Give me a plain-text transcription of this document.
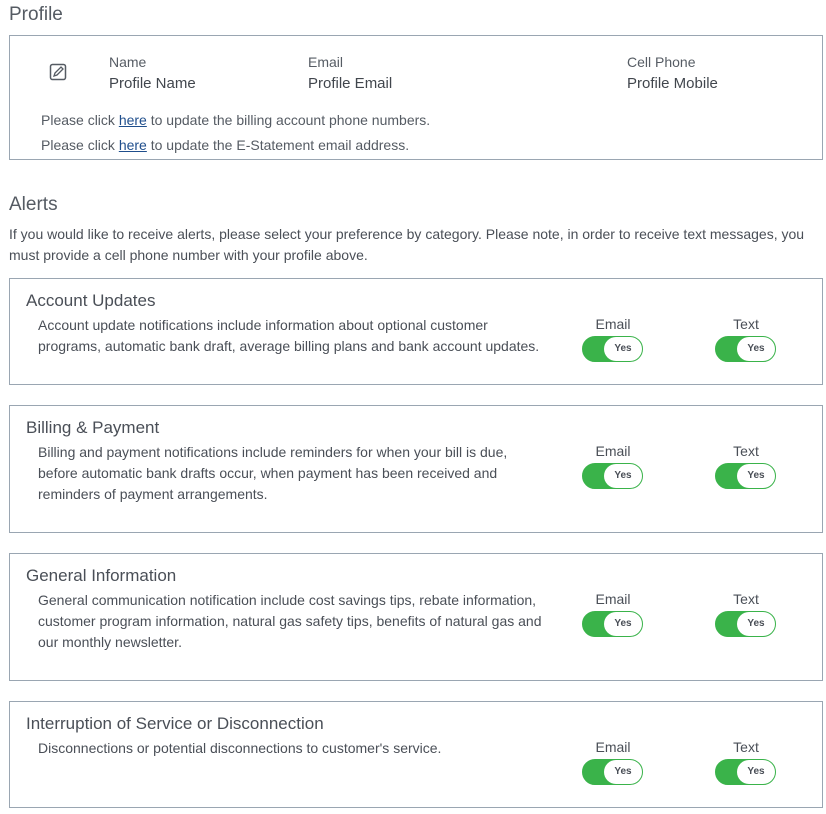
Profile
Name
Profile Name
Email
Profile Email
Cell Phone
Profile Mobile
Please click here to update the billing account phone numbers.
Please click here to update the E-Statement email address.
Alerts
If you would like to receive alerts, please select your preference by category. Please note, in order to receive text messages, you must provide a cell phone number with your profile above.
Account Updates
Account update notifications include information about optional customer programs, automatic bank draft, average billing plans and bank account updates.
Email
Yes
Text
Yes
Billing & Payment
Billing and payment notifications include reminders for when your bill is due, before automatic bank drafts occur, when payment has been received and reminders of payment arrangements.
Email
Yes
Text
Yes
General Information
General communication notification include cost savings tips, rebate information, customer program information, natural gas safety tips, benefits of natural gas and our monthly newsletter.
Email
Yes
Text
Yes
Interruption of Service or Disconnection
Disconnections or potential disconnections to customer's service.	Email
Yes
Text
Yes
